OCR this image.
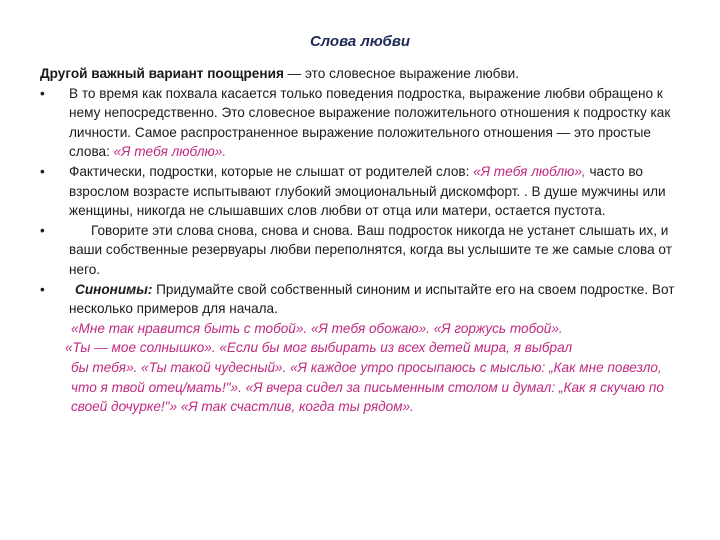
Слова любви
Другой важный вариант поощрения — это словесное выражение любви.
• В то время как похвала касается только поведения подростка, выражение любви обращено к нему непосредственно. Это словесное выражение положительного отношения к подростку как личности. Самое распространенное выражение положительного отношения — это простые слова: «Я тебя люблю».
• Фактически, подростки, которые не слышат от родителей слов: «Я тебя люблю», часто во взрослом возрасте испытывают глубокий эмоциональный дискомфорт. . В душе мужчины или женщины, никогда не слышавших слов любви от отца или матери, остается пустота.
•	Говорите эти слова снова, снова и снова. Ваш подросток никогда не устанет слышать их, и ваши собственные резервуары любви переполнятся, когда вы услышите те же самые слова от него.
• Синонимы: Придумайте свой собственный синоним и испытайте его на своем подростке. Вот несколько примеров для начала.
«Мне так нравится быть с тобой». «Я тебя обожаю». «Я горжусь тобой».
«Ты — мое солнышко». «Если бы мог выбирать из всех детей мира, я выбрал
бы тебя». «Ты такой чудесный». «Я каждое утро просыпаюсь с мыслью: „Как мне повезло, что я твой отец/мать!"». «Я вчера сидел за письменным столом и думал: „Как я скучаю по своей дочурке!"» «Я так счастлив, когда ты рядом».
